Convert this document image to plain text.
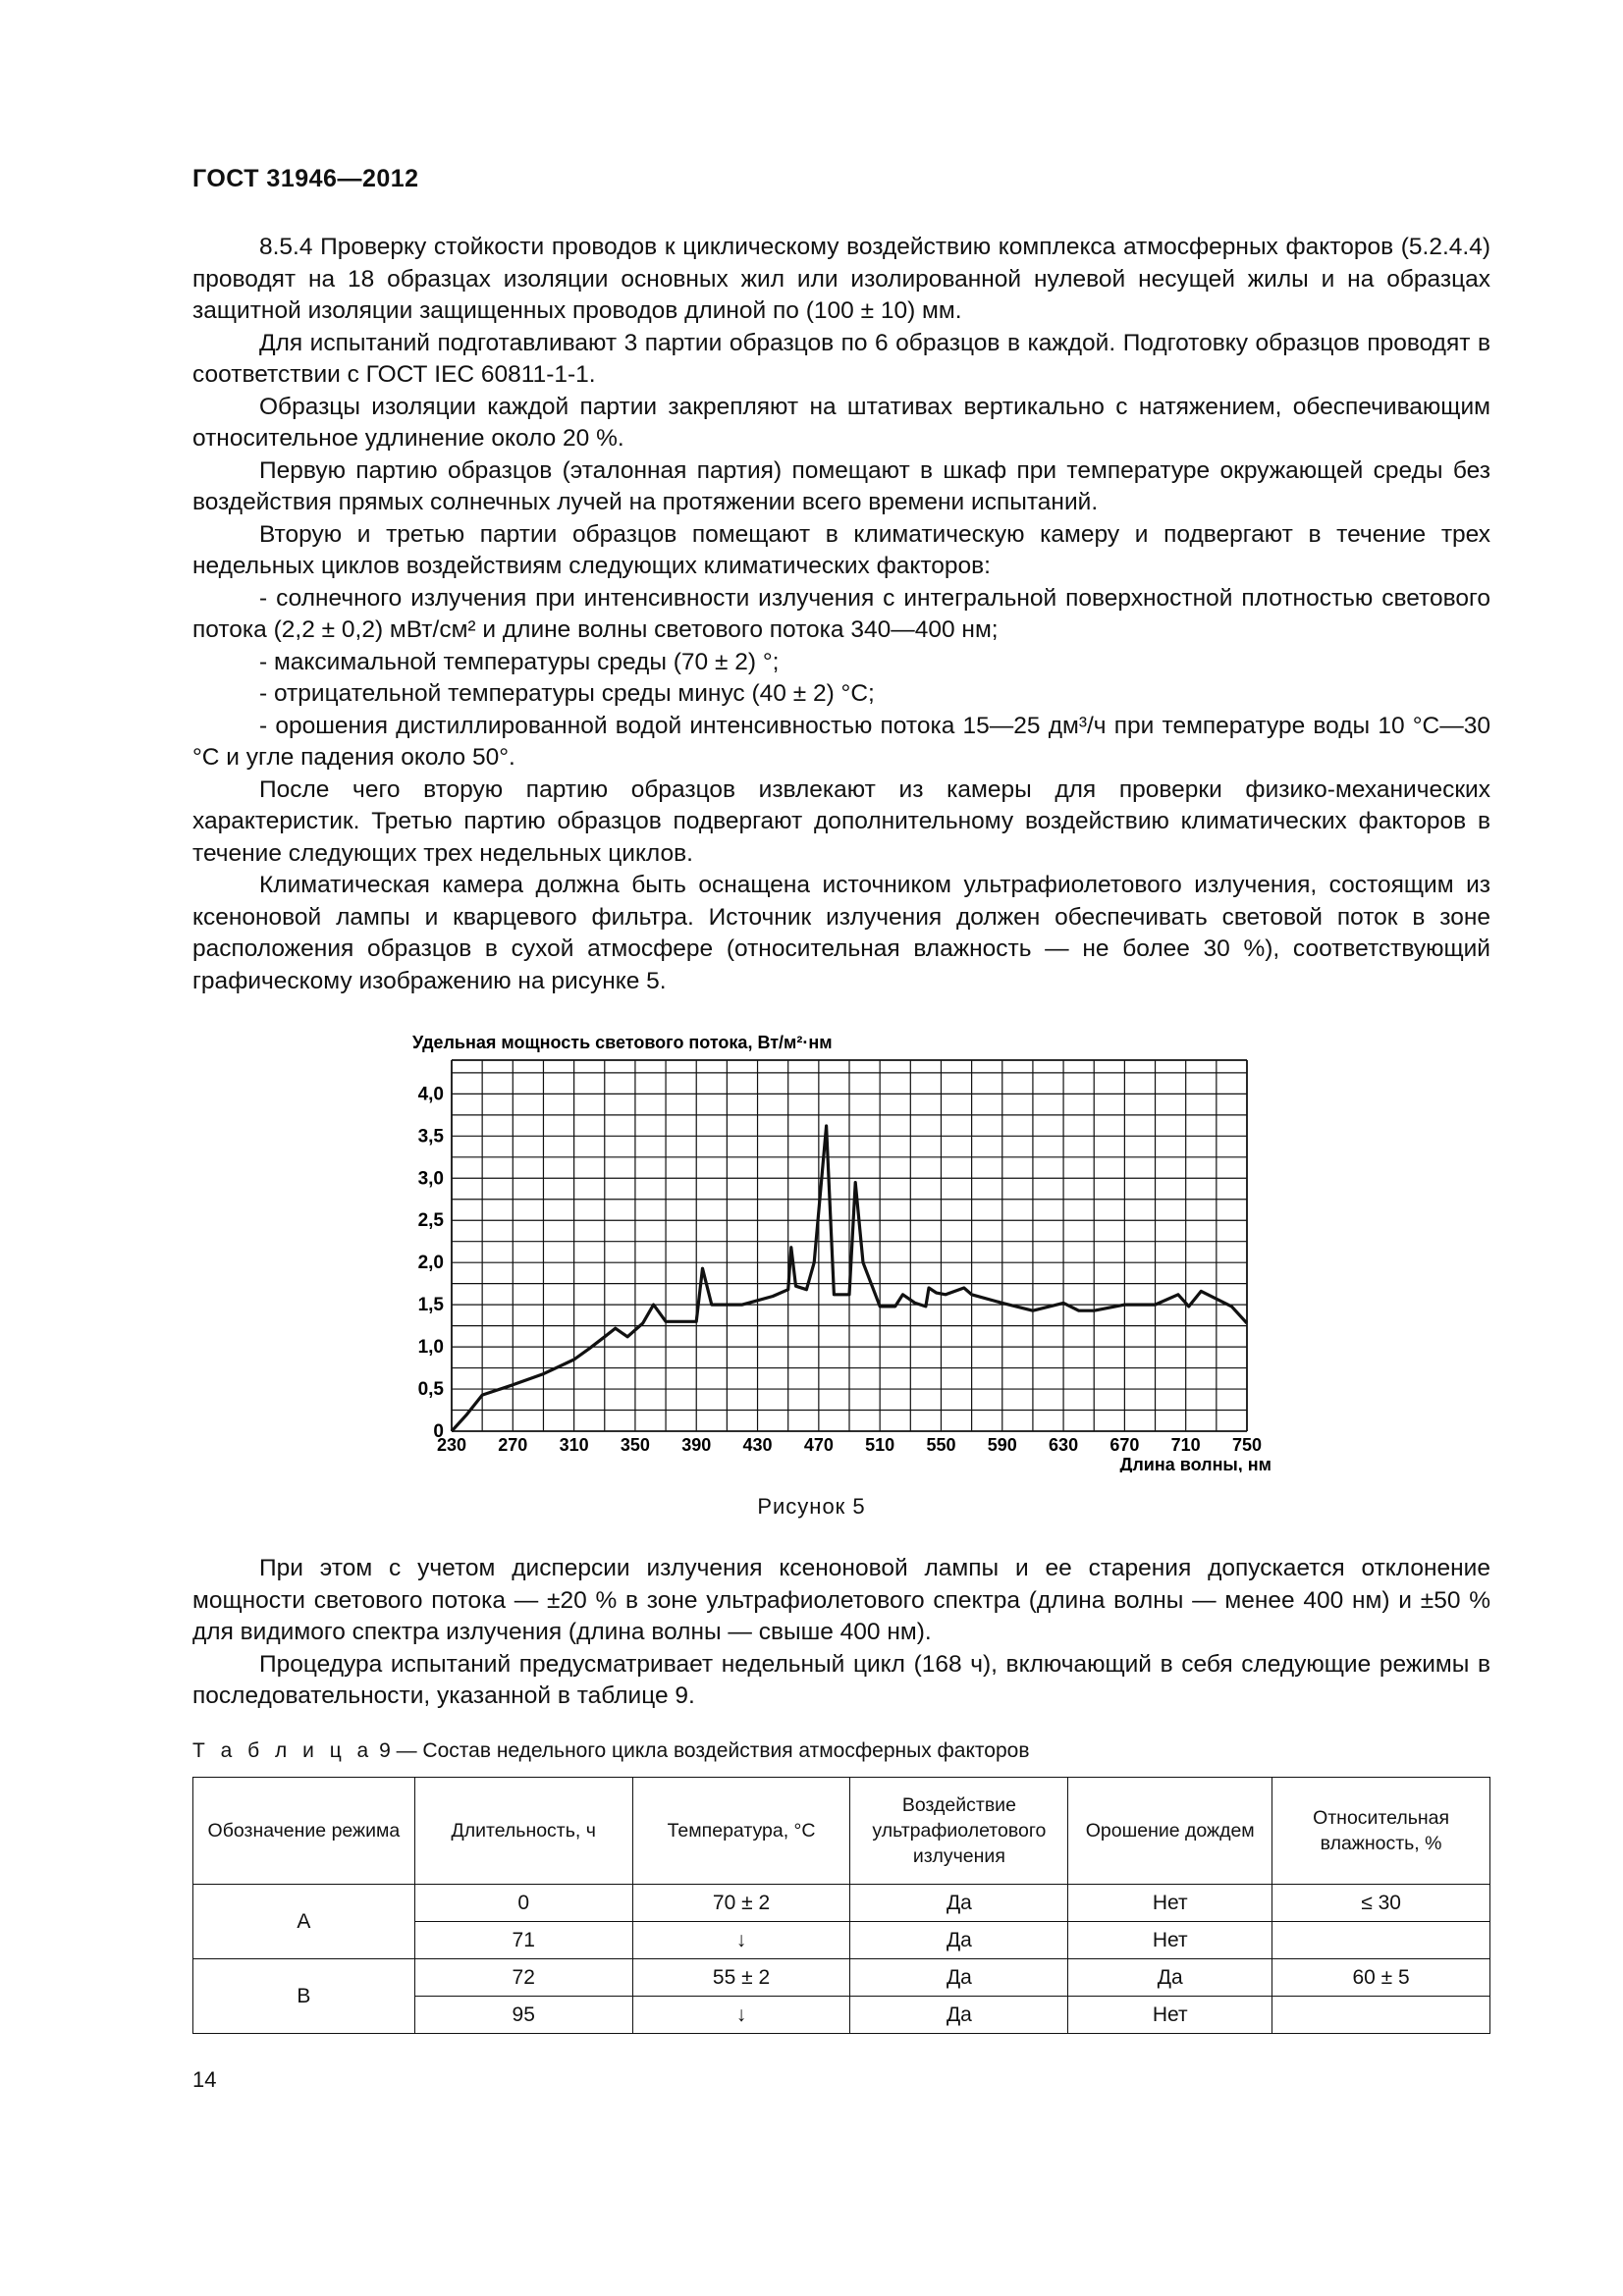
ГОСТ 31946—2012

8.5.4 Проверку стойкости проводов к циклическому воздействию комплекса атмосферных факторов (5.2.4.4) проводят на 18 образцах изоляции основных жил или изолированной нулевой несущей жилы и на образцах защитной изоляции защищенных проводов длиной по (100 ± 10) мм.

Для испытаний подготавливают 3 партии образцов по 6 образцов в каждой. Подготовку образцов проводят в соответствии с ГОСТ IEC 60811-1-1.

Образцы изоляции каждой партии закрепляют на штативах вертикально с натяжением, обеспечивающим относительное удлинение около 20 %.

Первую партию образцов (эталонная партия) помещают в шкаф при температуре окружающей среды без воздействия прямых солнечных лучей на протяжении всего времени испытаний.

Вторую и третью партии образцов помещают в климатическую камеру и подвергают в течение трех недельных циклов воздействиям следующих климатических факторов:

- солнечного излучения при интенсивности излучения с интегральной поверхностной плотностью светового потока (2,2 ± 0,2) мВт/см² и длине волны светового потока 340—400 нм;

- максимальной температуры среды (70 ± 2) °;

- отрицательной температуры среды минус (40 ± 2) °С;

- орошения дистиллированной водой интенсивностью потока 15—25 дм³/ч при температуре воды 10 °С—30 °С и угле падения около 50°.

После чего вторую партию образцов извлекают из камеры для проверки физико-механических характеристик. Третью партию образцов подвергают дополнительному воздействию климатических факторов в течение следующих трех недельных циклов.

Климатическая камера должна быть оснащена источником ультрафиолетового излучения, состоящим из ксеноновой лампы и кварцевого фильтра. Источник излучения должен обеспечивать световой поток в зоне расположения образцов в сухой атмосфере (относительная влажность — не более 30 %), соответствующий графическому изображению на рисунке 5.

Удельная мощность светового потока, Вт/м²·нм
Длина волны, нм
230 270 310 350 390 430 470 510 550 590 630 670 710 750
0
0,5
1,0
1,5
2,0
2,5
3,0
3,5
4,0
Рисунок 5

При этом с учетом дисперсии излучения ксеноновой лампы и ее старения допускается отклонение мощности светового потока — ±20 % в зоне ультрафиолетового спектра (длина волны — менее 400 нм) и ±50 % для видимого спектра излучения (длина волны — свыше 400 нм).

Процедура испытаний предусматривает недельный цикл (168 ч), включающий в себя следующие режимы в последовательности, указанной в таблице 9.

Т а б л и ц а 9 — Состав недельного цикла воздействия атмосферных факторов
Обозначение режима	Длительность, ч	Температура, °С	Воздействие ультрафиолетового излучения	Орошение дождем	Относительная влажность, %
A	0	70 ± 2	Да	Нет	≤ 30
	71	↓	Да	Нет	
B	72	55 ± 2	Да	Да	60 ± 5
	95	↓	Да	Нет	
14
